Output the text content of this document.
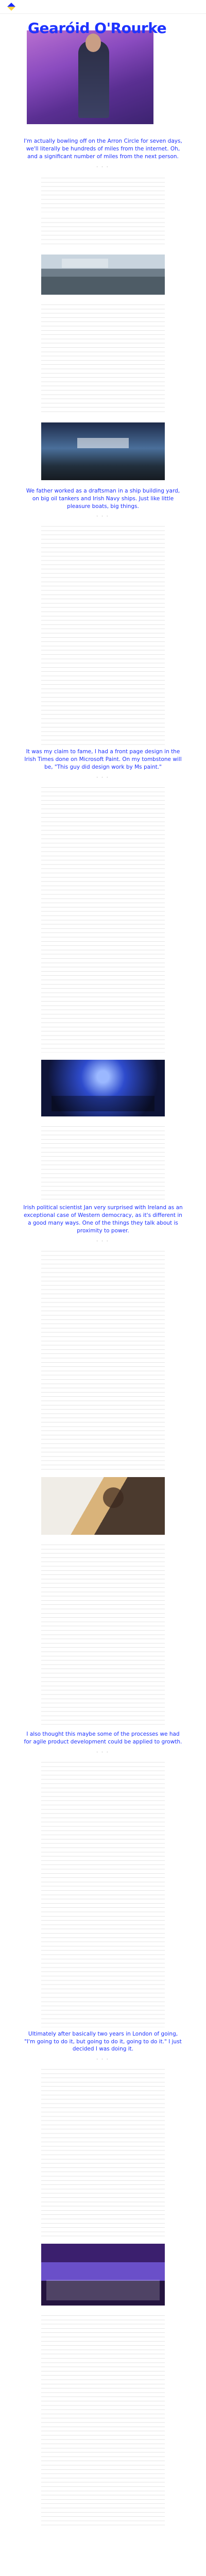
Gearóid O'Rourke
I'm actually bowling off on the Arron Circle for seven days, we'll literally be hundreds of miles from the internet. Oh, and a significant number of miles from the next person.
• • •
We father worked as a draftsman in a ship building yard, on big oil tankers and Irish Navy ships. Just like little pleasure boats, big things.
• • •
It was my claim to fame, I had a front page design in the Irish Times done on Microsoft Paint. On my tombstone will be, "This guy did design work by Ms paint."
• • •
Irish political scientist Jan very surprised with Ireland as an exceptional case of Western democracy, as it's different in a good many ways. One of the things they talk about is proximity to power.
• • •
I also thought this maybe some of the processes we had for agile product development could be applied to growth.
• • •
Ultimately after basically two years in London of going, "I'm going to do it, but going to do it, going to do it." I just decided I was doing it.
• • •
